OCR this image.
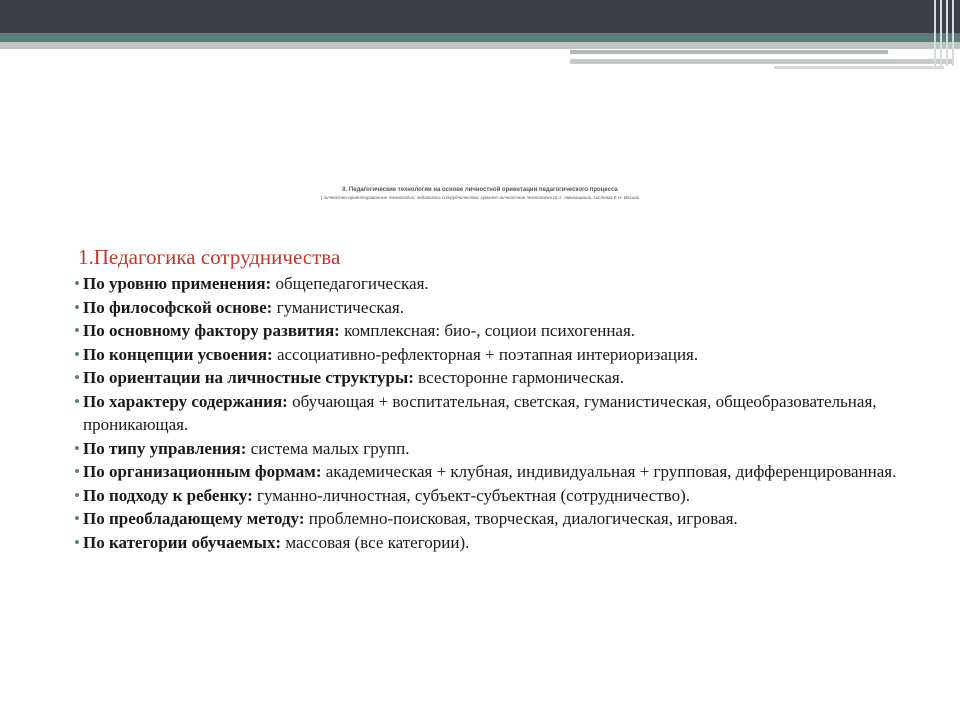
II. Педагогические технологии на основе личностной ориентации педагогического процесса
( личностно-ориентированные технологии: педагогика сотрудничества, гуманно-личностная технология Ш.А. Амонашвили, система Е.Н. Ильина
1.Педагогика сотрудничества
• По уровню применения: общепедагогическая.
• По философской основе: гуманистическая.
• По основному фактору развития: комплексная: био-, социои психогенная.
• По концепции усвоения: ассоциативно-рефлекторная + поэтапная интериоризация.
• По ориентации на личностные структуры: всесторонне гармоническая.
• По характеру содержания: обучающая + воспитательная, светская, гуманистическая, общеобразовательная, проникающая.
• По типу управления: система малых групп.
• По организационным формам: академическая + клубная, индивидуальная + групповая, дифференцированная.
• По подходу к ребенку: гуманно-личностная, субъект-субъектная (сотрудничество).
• По преобладающему методу: проблемно-поисковая, творческая, диалогическая, игровая.
• По категории обучаемых: массовая (все категории).
